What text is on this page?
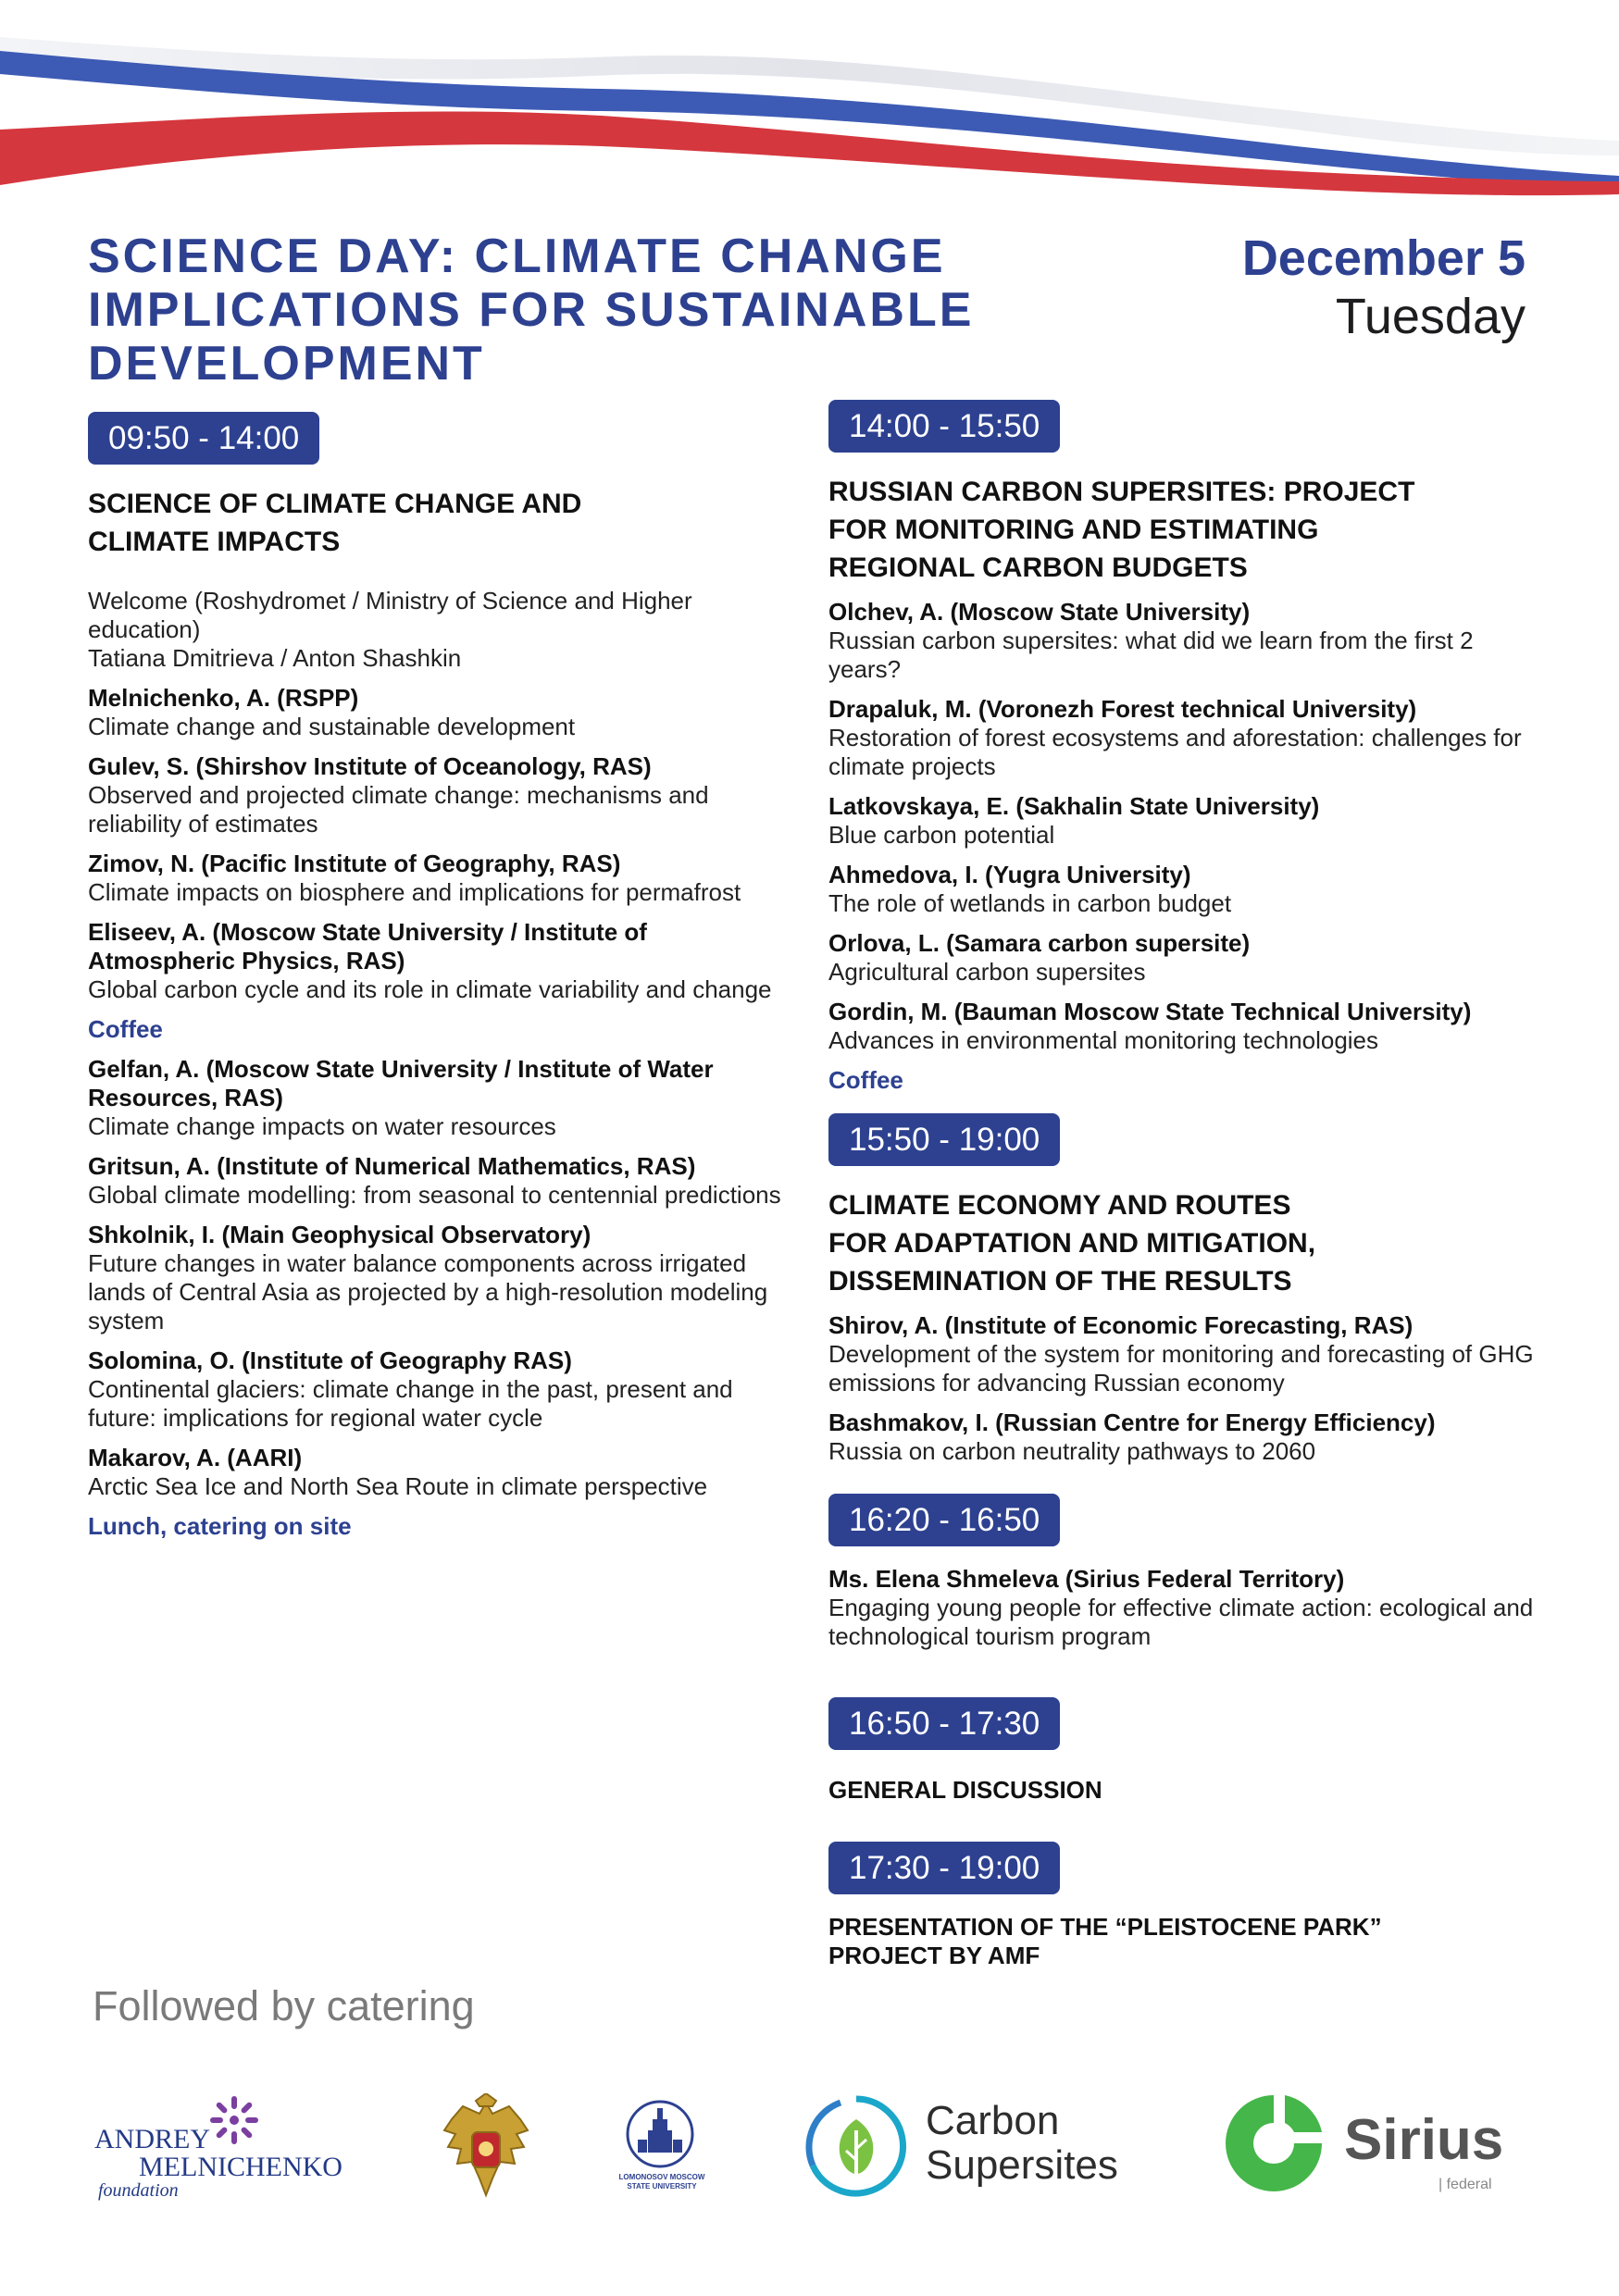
SCIENCE DAY: CLIMATE CHANGE
IMPLICATIONS FOR SUSTAINABLE
DEVELOPMENT
December 5
Tuesday
09:50 - 14:00
SCIENCE OF CLIMATE CHANGE AND
CLIMATE IMPACTS
Welcome (Roshydromet / Ministry of Science and Higher education)
Tatiana Dmitrieva / Anton Shashkin
Melnichenko, A. (RSPP)
Climate change and sustainable development
Gulev, S. (Shirshov Institute of Oceanology, RAS)
Observed and projected climate change: mechanisms and reliability of estimates
Zimov, N. (Pacific Institute of Geography, RAS)
Climate impacts on biosphere and implications for permafrost
Eliseev, A. (Moscow State University / Institute of Atmospheric Physics, RAS)
Global carbon cycle and its role in climate variability and change
Coffee
Gelfan, A. (Moscow State University / Institute of Water Resources, RAS)
Climate change impacts on water resources
Gritsun, A. (Institute of Numerical Mathematics, RAS)
Global climate modelling: from seasonal to centennial predictions
Shkolnik, I. (Main Geophysical Observatory)
Future changes in water balance components across irrigated lands of Central Asia as projected by a high-resolution modeling system
Solomina, O. (Institute of Geography RAS)
Continental glaciers: climate change in the past, present and future: implications for regional water cycle
Makarov, A. (AARI)
Arctic Sea Ice and North Sea Route in climate perspective
Lunch, catering on site
14:00 - 15:50
RUSSIAN CARBON SUPERSITES: PROJECT
FOR MONITORING AND ESTIMATING
REGIONAL CARBON BUDGETS
Olchev, A. (Moscow State University)
Russian carbon supersites: what did we learn from the first 2 years?
Drapaluk, M. (Voronezh Forest technical University)
Restoration of forest ecosystems and aforestation: challenges for climate projects
Latkovskaya, E. (Sakhalin State University)
Blue carbon potential
Ahmedova, I. (Yugra University)
The role of wetlands in carbon budget
Orlova, L. (Samara carbon supersite)
Agricultural carbon supersites
Gordin, M. (Bauman Moscow State Technical University)
Advances in environmental monitoring technologies
Coffee
15:50 - 19:00
CLIMATE ECONOMY AND ROUTES
FOR ADAPTATION AND MITIGATION,
DISSEMINATION OF THE RESULTS
Shirov, A. (Institute of Economic Forecasting, RAS)
Development of the system for monitoring and forecasting of GHG emissions for advancing Russian economy
Bashmakov, I. (Russian Centre for Energy Efficiency)
Russia on carbon neutrality pathways to 2060
16:20 - 16:50
Ms. Elena Shmeleva (Sirius Federal Territory)
Engaging young people for effective climate action: ecological and technological tourism program
16:50 - 17:30
GENERAL DISCUSSION
17:30 - 19:00
PRESENTATION OF THE “PLEISTOCENE PARK”
PROJECT BY AMF
Followed by catering
ANDREY
MELNICHENKO
foundation
LOMONOSOV MOSCOW
STATE UNIVERSITY
Carbon
Supersites	Sirius
| federal
